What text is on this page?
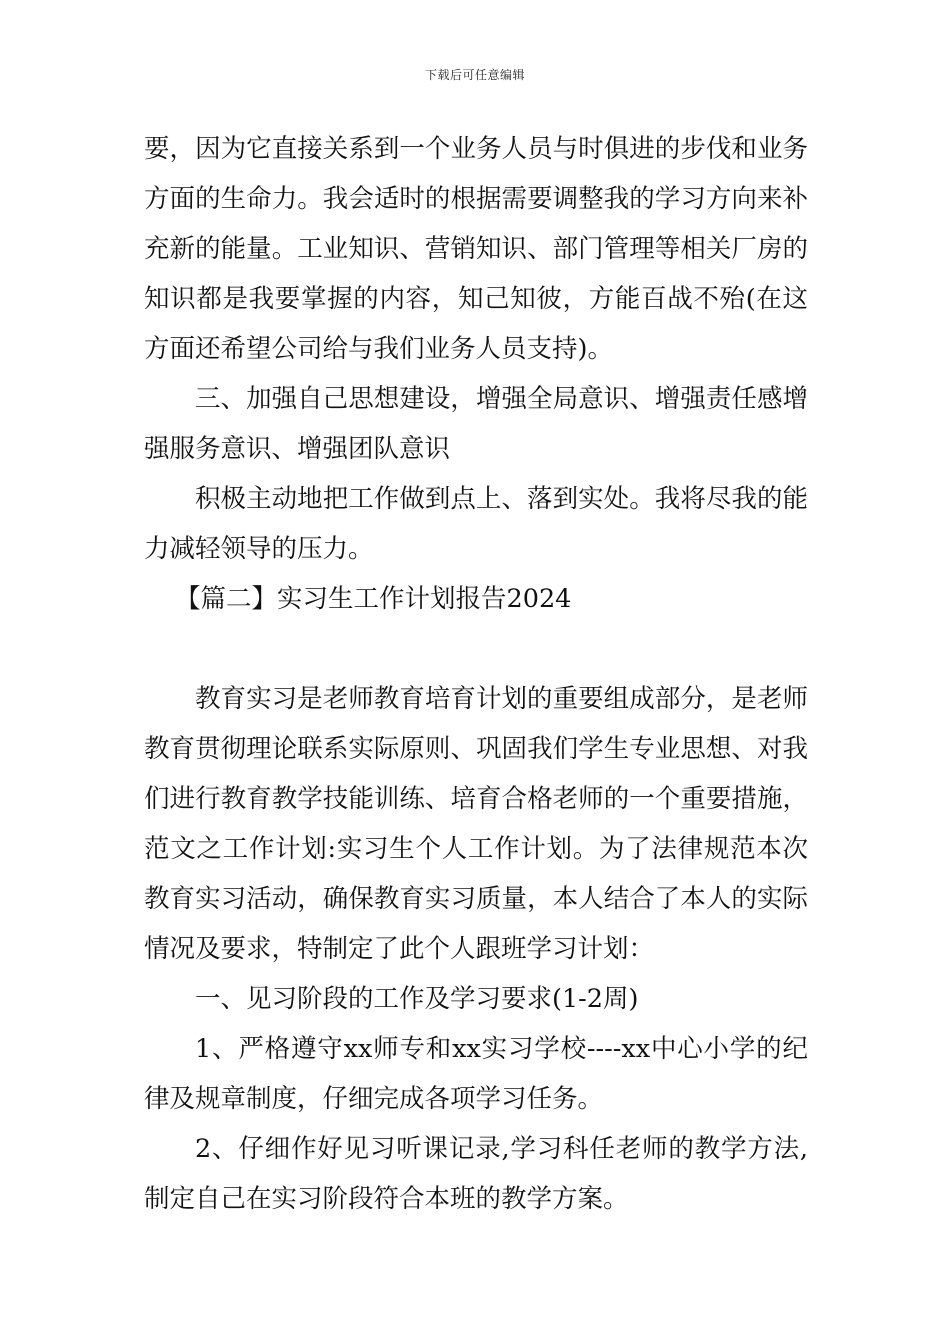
下载后可任意编辑

要，因为它直接关系到一个业务人员与时俱进的步伐和业务方面的生命力。我会适时的根据需要调整我的学习方向来补充新的能量。工业知识、营销知识、部门管理等相关厂房的知识都是我要掌握的内容，知己知彼，方能百战不殆(在这方面还希望公司给与我们业务人员支持)。

三、加强自己思想建设，增强全局意识、增强责任感增强服务意识、增强团队意识

积极主动地把工作做到点上、落到实处。我将尽我的能力减轻领导的压力。

【篇二】实习生工作计划报告2024

教育实习是老师教育培育计划的重要组成部分，是老师教育贯彻理论联系实际原则、巩固我们学生专业思想、对我们进行教育教学技能训练、培育合格老师的一个重要措施，范文之工作计划:实习生个人工作计划。为了法律规范本次教育实习活动，确保教育实习质量，本人结合了本人的实际情况及要求，特制定了此个人跟班学习计划：

一、见习阶段的工作及学习要求(1-2周)

1、严格遵守xx师专和xx实习学校----xx中心小学的纪律及规章制度，仔细完成各项学习任务。

2、仔细作好见习听课记录,学习科任老师的教学方法,制定自己在实习阶段符合本班的教学方案。
